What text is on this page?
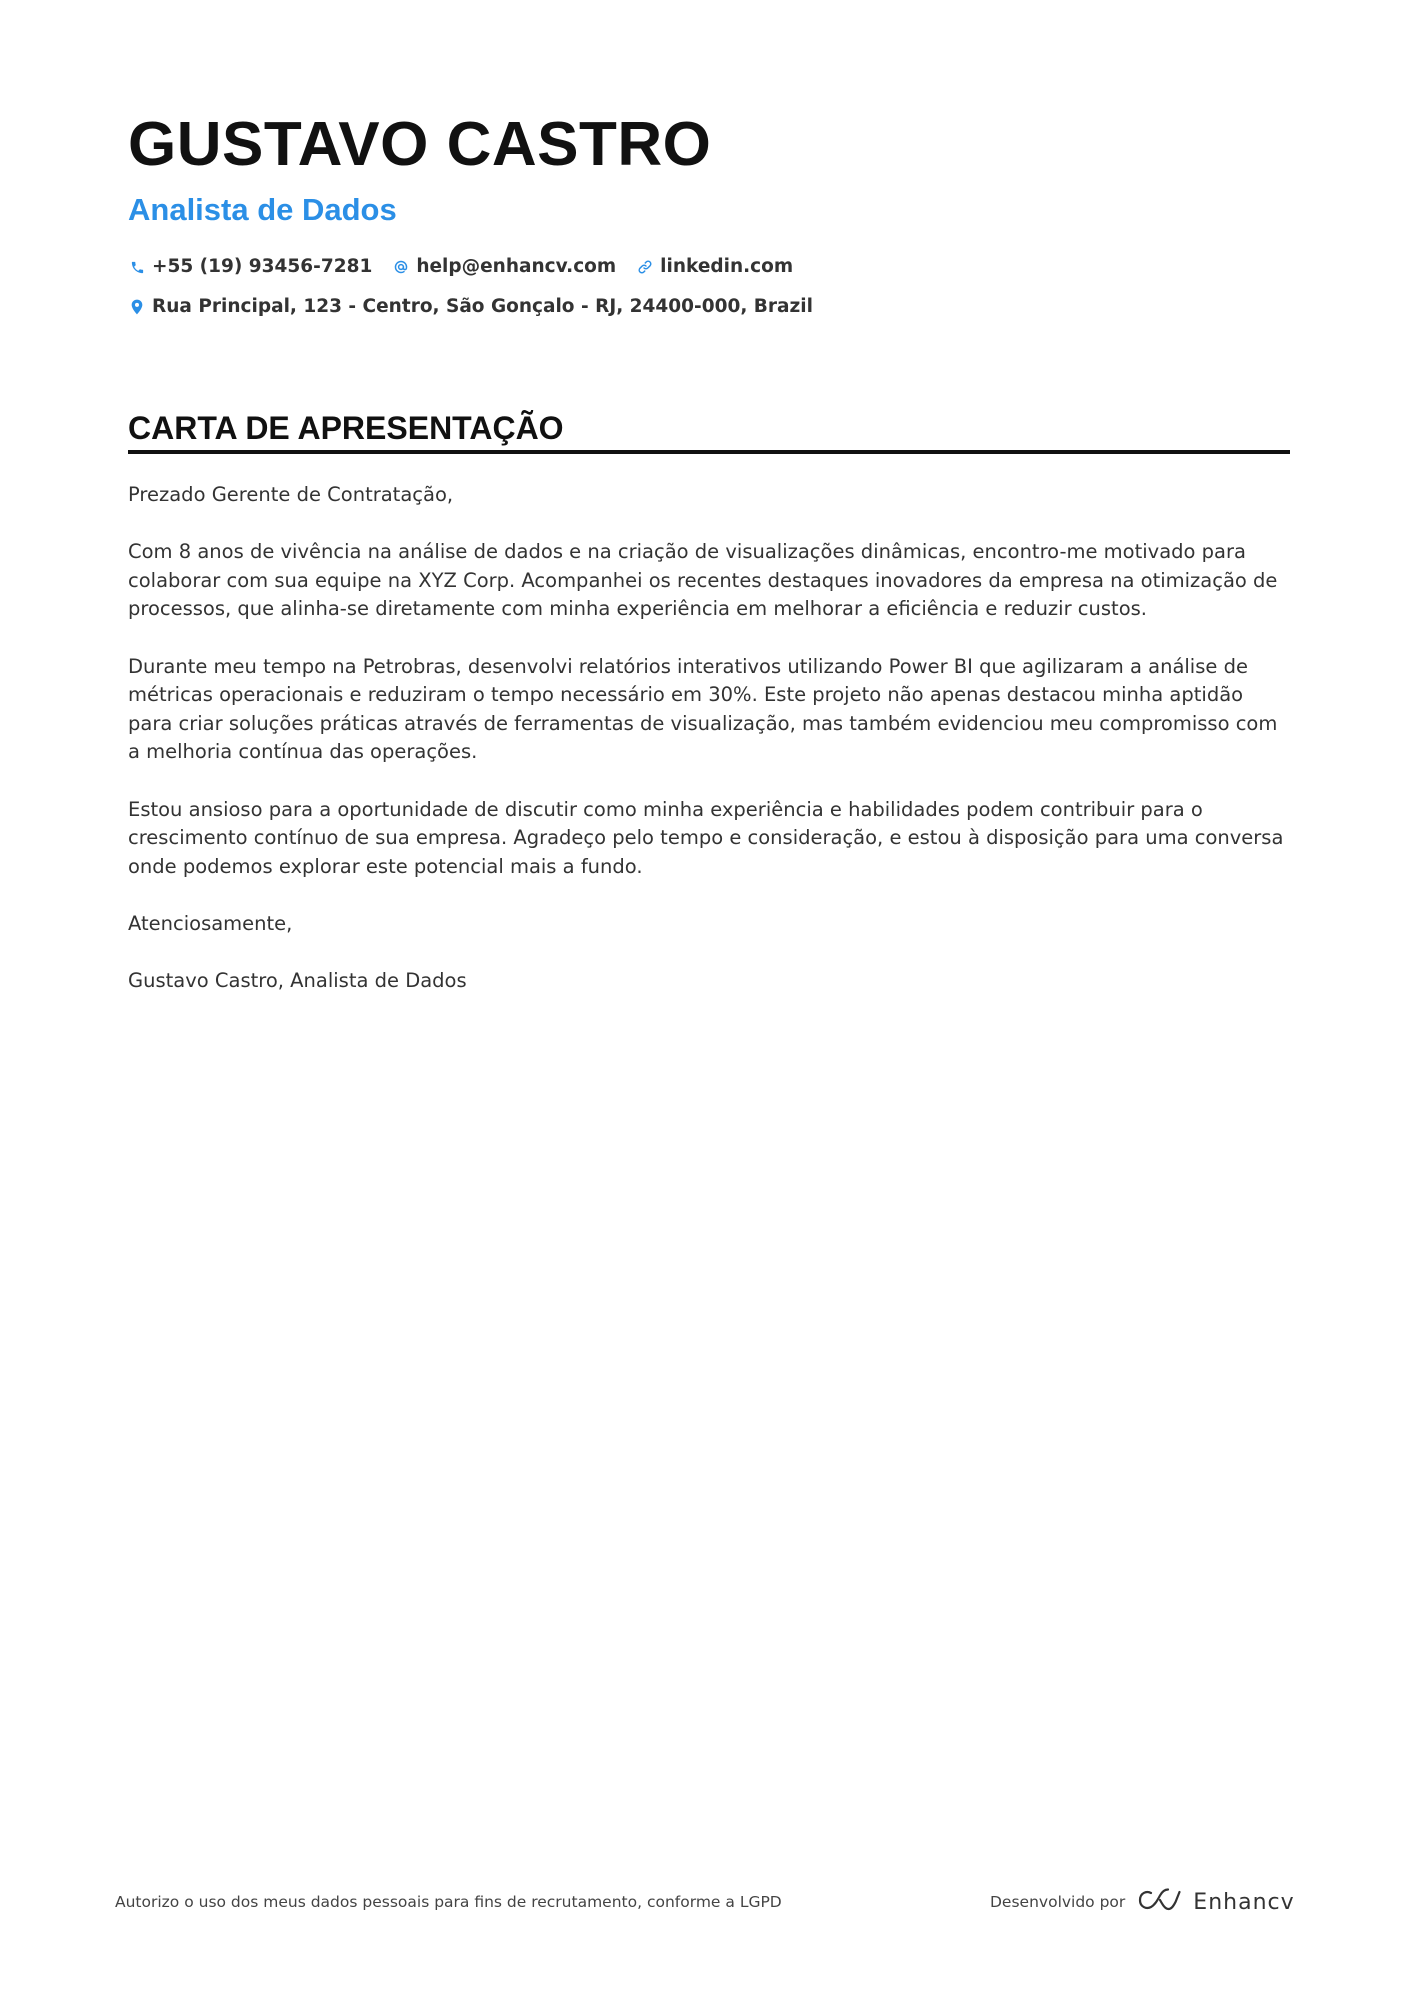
GUSTAVO CASTRO
Analista de Dados
+55 (19) 93456-7281 help@enhancv.com linkedin.com
Rua Principal, 123 - Centro, São Gonçalo - RJ, 24400-000, Brazil
CARTA DE APRESENTAÇÃO

Prezado Gerente de Contratação,

Com 8 anos de vivência na análise de dados e na criação de visualizações dinâmicas, encontro-me motivado para colaborar com sua equipe na XYZ Corp. Acompanhei os recentes destaques inovadores da empresa na otimização de processos, que alinha-se diretamente com minha experiência em melhorar a eficiência e reduzir custos.

Durante meu tempo na Petrobras, desenvolvi relatórios interativos utilizando Power BI que agilizaram a análise de métricas operacionais e reduziram o tempo necessário em 30%. Este projeto não apenas destacou minha aptidão para criar soluções práticas através de ferramentas de visualização, mas também evidenciou meu compromisso com a melhoria contínua das operações.

Estou ansioso para a oportunidade de discutir como minha experiência e habilidades podem contribuir para o crescimento contínuo de sua empresa. Agradeço pelo tempo e consideração, e estou à disposição para uma conversa onde podemos explorar este potencial mais a fundo.

Atenciosamente,

Gustavo Castro, Analista de Dados

Autorizo o uso dos meus dados pessoais para fins de recrutamento, conforme a LGPD	Desenvolvido por	Enhancv
